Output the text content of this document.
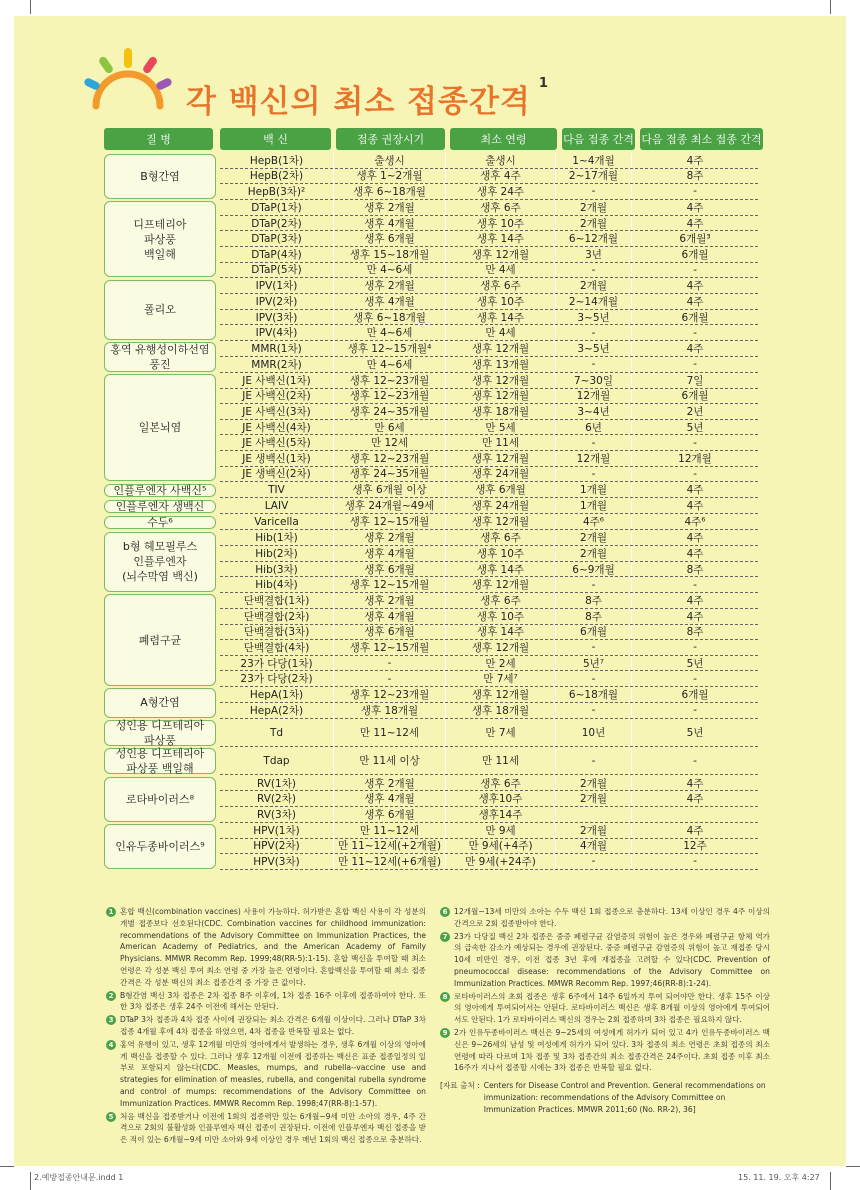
각 백신의 최소 접종간격$^1$
질 병	백 신	접종 권장시기	최소 연령	다음 접종 간격 다음 접종 최소 접종 간격
B형간염
HepB(1차)	출생시	출생시	1~4개월	4주
HepB(2차)	생후 1~2개월	생후 4주	2~17개월	8주
HepB(3차)²	생후 6~18개월	생후 24주	-	-
디프테리아
파상풍
백일해
DTaP(1차)	생후 2개월	생후 6주	2개월	4주
DTaP(2차)	생후 4개월	생후 10주	2개월	4주
DTaP(3차)	생후 6개월	생후 14주	6~12개월	6개월³
DTaP(4차)	생후 15~18개월	생후 12개월	3년	6개월
DTaP(5차)	만 4~6세	만 4세	-	-
폴리오
IPV(1차)	생후 2개월	생후 6주	2개월	4주
IPV(2차)	생후 4개월	생후 10주	2~14개월	4주
IPV(3차)	생후 6~18개월	생후 14주	3~5년	6개월
IPV(4차)	만 4~6세	만 4세	-	-
홍역 유행성이하선염
풍진
MMR(1차)	생후 12~15개월⁴	생후 12개월	3~5년	4주
MMR(2차)	만 4~6세	생후 13개월	-	-
일본뇌염
JE 사백신(1차)	생후 12~23개월	생후 12개월	7~30일	7일
JE 사백신(2차)	생후 12~23개월	생후 12개월	12개월	6개월
JE 사백신(3차)	생후 24~35개월	생후 18개월	3~4년	2년
JE 사백신(4차)	만 6세	만 5세	6년	5년
JE 사백신(5차)	만 12세	만 11세	-	-
JE 생백신(1차)	생후 12~23개월	생후 12개월	12개월	12개월
JE 생백신(2차)	생후 24~35개월	생후 24개월	-	-
인플루엔자 사백신⁵	TIV	생후 6개월 이상	생후 6개월	1개월	4주
인플루엔자 생백신	LAIV	생후 24개월~49세	생후 24개월	1개월	4주
수두⁶	Varicella	생후 12~15개월	생후 12개월	4주⁶	4주⁶
b형 헤모필루스
인플루엔자
(뇌수막염 백신)
Hib(1차)	생후 2개월	생후 6주	2개월	4주
Hib(2차)	생후 4개월	생후 10주	2개월	4주
Hib(3차)	생후 6개월	생후 14주	6~9개월	8주
Hib(4차)	생후 12~15개월	생후 12개월	-	-
폐렴구균
단백결합(1차)	생후 2개월	생후 6주	8주	4주
단백결합(2차)	생후 4개월	생후 10주	8주	4주
단백결합(3차)	생후 6개월	생후 14주	6개월	8주
단백결합(4차)	생후 12~15개월	생후 12개월	-	-
23가 다당(1차)	-	만 2세	5년⁷	5년
23가 다당(2차)	-	만 7세⁷	-	-
A형간염
HepA(1차)	생후 12~23개월	생후 12개월	6~18개월	6개월
HepA(2차)	생후 18개월	생후 18개월	-	-
성인용 디프테리아
파상풍
Td	만 11~12세	만 7세	10년	5년
성인용 디프테리아
파상풍 백일해
Tdap	만 11세 이상	만 11세	-	-
로타바이러스⁸
RV(1차)	생후 2개월	생후 6주	2개월	4주
RV(2차)	생후 4개월	생후10주	2개월	4주
RV(3차)	생후 6개월	생후14주
인유두종바이러스⁹
HPV(1차)	만 11~12세	만 9세	2개월	4주
HPV(2차)	만 11~12세(+2개월)	만 9세(+4주)	4개월	12주
HPV(3차)	만 11~12세(+6개월)	만 9세(+24주)	-	-
1 혼합 백신(combination vaccines) 사용이 가능하다. 허가받은 혼합 백신 사용이 각 성분의 개별 접종보다 선호된다(CDC. Combination vaccines for childhood immunization: recommendations of the Advisory Committee on Immunization Practices, the American Academy of Pediatrics, and the American Academy of Family Physicians. MMWR Recomm Rep. 1999;48(RR-5):1-15). 혼합 백신을 투여할 때 최소 연령은 각 성분 백신 투여 최소 연령 중 가장 높은 연령이다. 혼합백신을 투여할 때 최소 접종간격은 각 성분 백신의 최소 접종간격 중 가장 큰 값이다.
2 B형간염 백신 3차 접종은 2차 접종 8주 이후에, 1차 접종 16주 이후에 접종하여야 한다. 또한 3차 접종은 생후 24주 이전에 해서는 안된다.
3 DTaP 3차 접종과 4차 접종 사이에 권장되는 최소 간격은 6개월 이상이다. 그러나 DTaP 3차 접종 4개월 후에 4차 접종을 하였으면, 4차 접종을 반복할 필요는 없다.
4 홍역 유행이 있고, 생후 12개월 미만의 영아에게서 발생하는 경우, 생후 6개월 이상의 영아에게 백신을 접종할 수 있다. 그러나 생후 12개월 이전에 접종하는 백신은 표준 접종일정의 일부로 포함되지 않는다(CDC. Measles, mumps, and rubella--vaccine use and strategies for elimination of measles, rubella, and congenital rubella syndrome and control of mumps: recommendations of the Advisory Committee on Immunization Practices. MMWR Recomm Rep. 1998;47(RR-8):1-57).
5 처음 백신을 접종받거나 이전에 1회의 접종력만 있는 6개월~9세 미만 소아의 경우, 4주 간격으로 2회의 불활성화 인플루엔자 백신 접종이 권장된다. 이전에 인플루엔자 백신 접종을 받은 적이 있는 6개월~9세 미만 소아와 9세 이상인 경우 매년 1회의 백신 접종으로 충분하다.
6 12개월~13세 미만의 소아는 수두 백신 1회 접종으로 충분하다. 13세 이상인 경우 4주 이상의 간격으로 2회 접종받아야 한다.
7 23가 다당질 백신 2차 접종은 중증 폐렴구균 감염증의 위험이 높은 경우와 폐렴구균 항체 역가의 급속한 감소가 예상되는 경우에 권장된다. 중증 폐렴구균 감염증의 위험이 높고 재접종 당시 10세 미만인 경우, 이전 접종 3년 후에 재접종을 고려할 수 있다(CDC. Prevention of pneumococcal disease: recommendations of the Advisory Committee on Immunization Practices. MMWR Recomm Rep. 1997;46(RR-8):1-24).
8 로타바이러스의 초회 접종은 생후 6주에서 14주 6일까지 투여 되어야만 한다. 생후 15주 이상의 영아에게 투여되어서는 안된다. 로타바이러스 백신은 생후 8개월 이상의 영아에게 투여되어서도 안된다. 1가 로타바이러스 백신의 경우는 2회 접종하며 3차 접종은 필요하지 않다.
9 2가 인유두종바이러스 백신은 9~25세의 여성에게 허가가 되어 있고 4가 인유두종바이러스 백신은 9~26세의 남성 및 여성에게 허가가 되어 있다. 3차 접종의 최소 연령은 초회 접종의 최소 연령에 따라 다르며 1차 접종 및 3차 접종간의 최소 접종간격은 24주이다. 초회 접종 이후 최소 16주가 지나서 접종할 시에는 3차 접종은 반복할 필요 없다.
[자료 출처 : Centers for Disease Control and Prevention. General recommendations on immunization: recommendations of the Advisory Committee on Immunization Practices. MMWR 2011;60 (No. RR-2), 36]
2.예방접종안내문.indd 1	15. 11. 19. 오후 4:27
